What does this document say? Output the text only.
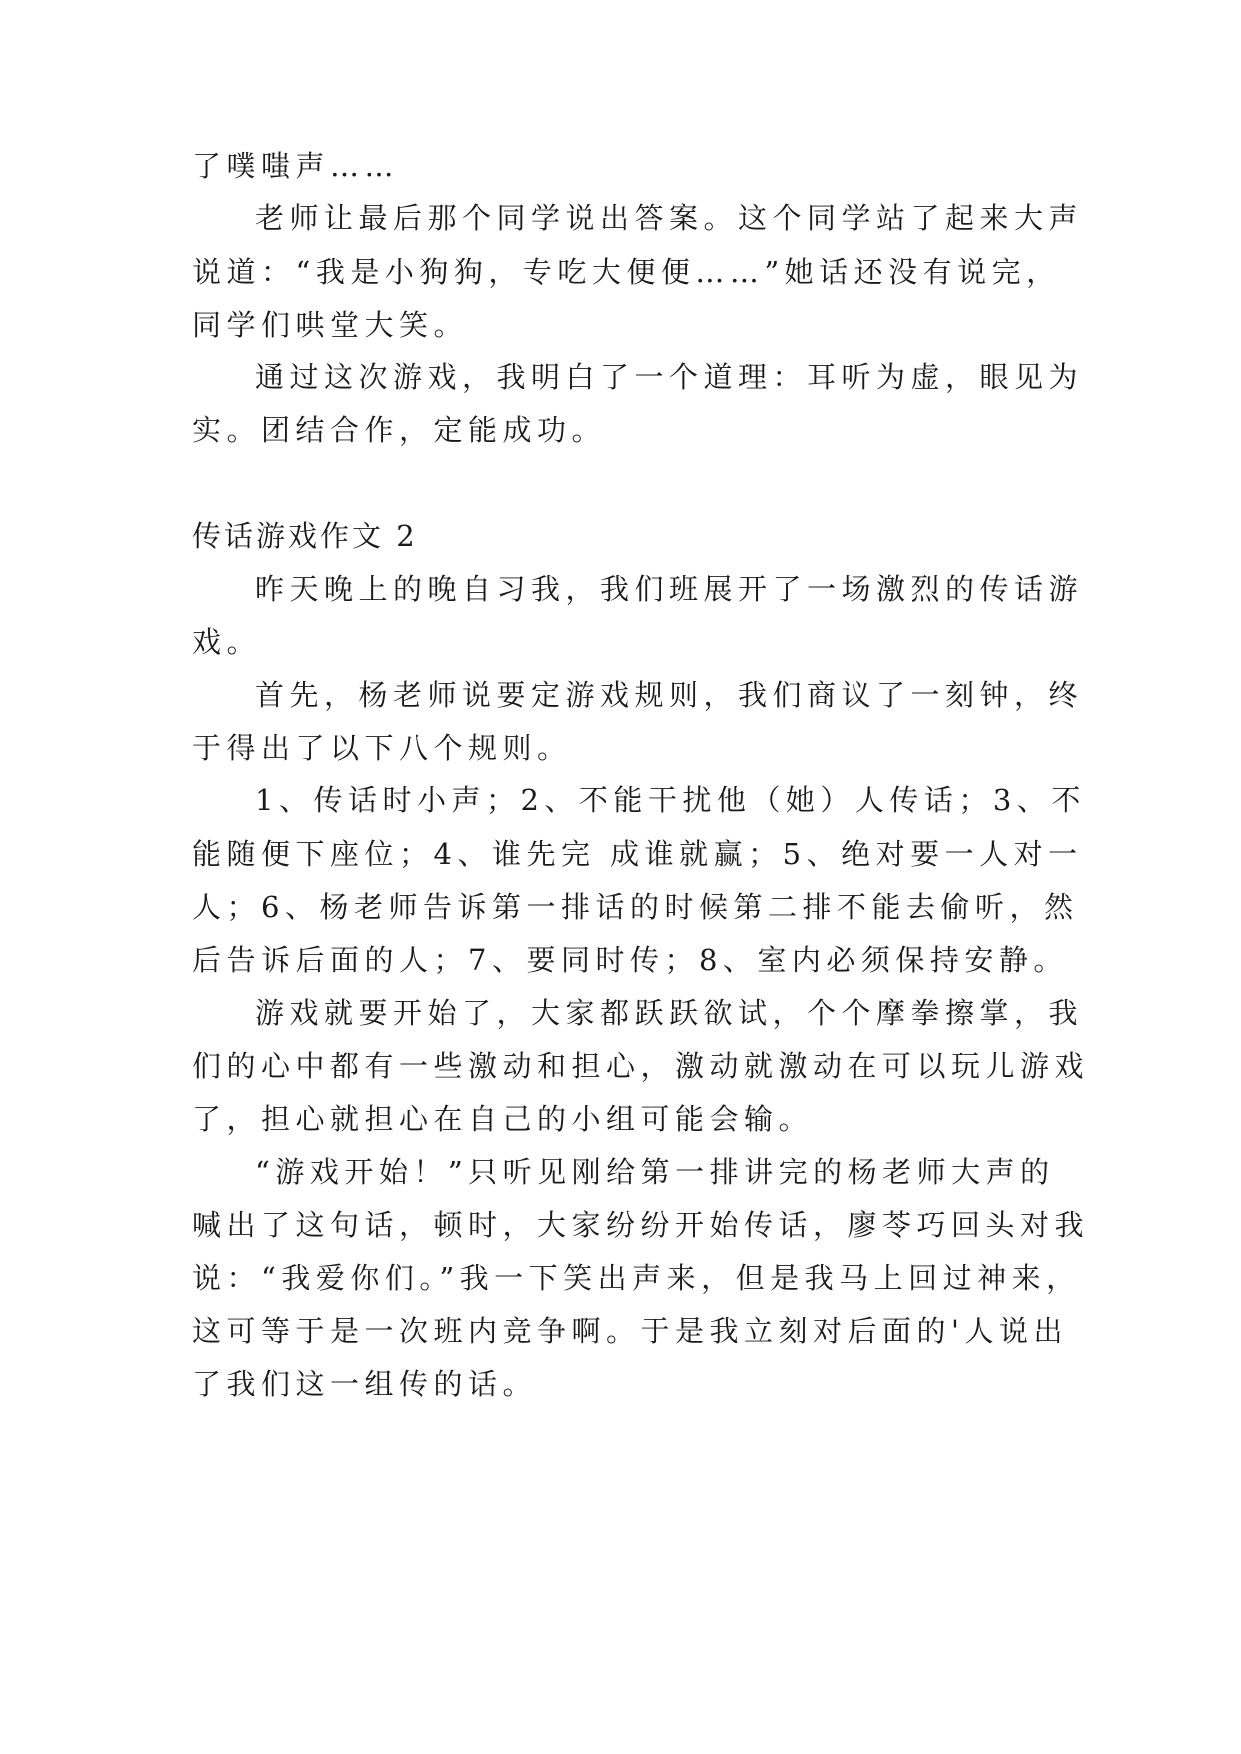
了噗嗤声……
老师让最后那个同学说出答案。这个同学站了起来大声
说道：“我是小狗狗，专吃大便便……”她话还没有说完，
同学们哄堂大笑。
通过这次游戏，我明白了一个道理：耳听为虚，眼见为
实。团结合作，定能成功。
传话游戏作文 2
昨天晚上的晚自习我，我们班展开了一场激烈的传话游
戏。
首先，杨老师说要定游戏规则，我们商议了一刻钟，终
于得出了以下八个规则。
1、传话时小声；2、不能干扰他（她）人传话；3、不
能随便下座位；4、谁先完 成谁就赢；5、绝对要一人对一
人；6、杨老师告诉第一排话的时候第二排不能去偷听，然
后告诉后面的人；7、要同时传；8、室内必须保持安静。
游戏就要开始了，大家都跃跃欲试，个个摩拳擦掌，我
们的心中都有一些激动和担心，激动就激动在可以玩儿游戏
了，担心就担心在自己的小组可能会输。
“游戏开始！”只听见刚给第一排讲完的杨老师大声的
喊出了这句话，顿时，大家纷纷开始传话，廖苓巧回头对我
说：“我爱你们。”我一下笑出声来，但是我马上回过神来，
这可等于是一次班内竞争啊。于是我立刻对后面的'人说出
了我们这一组传的话。
